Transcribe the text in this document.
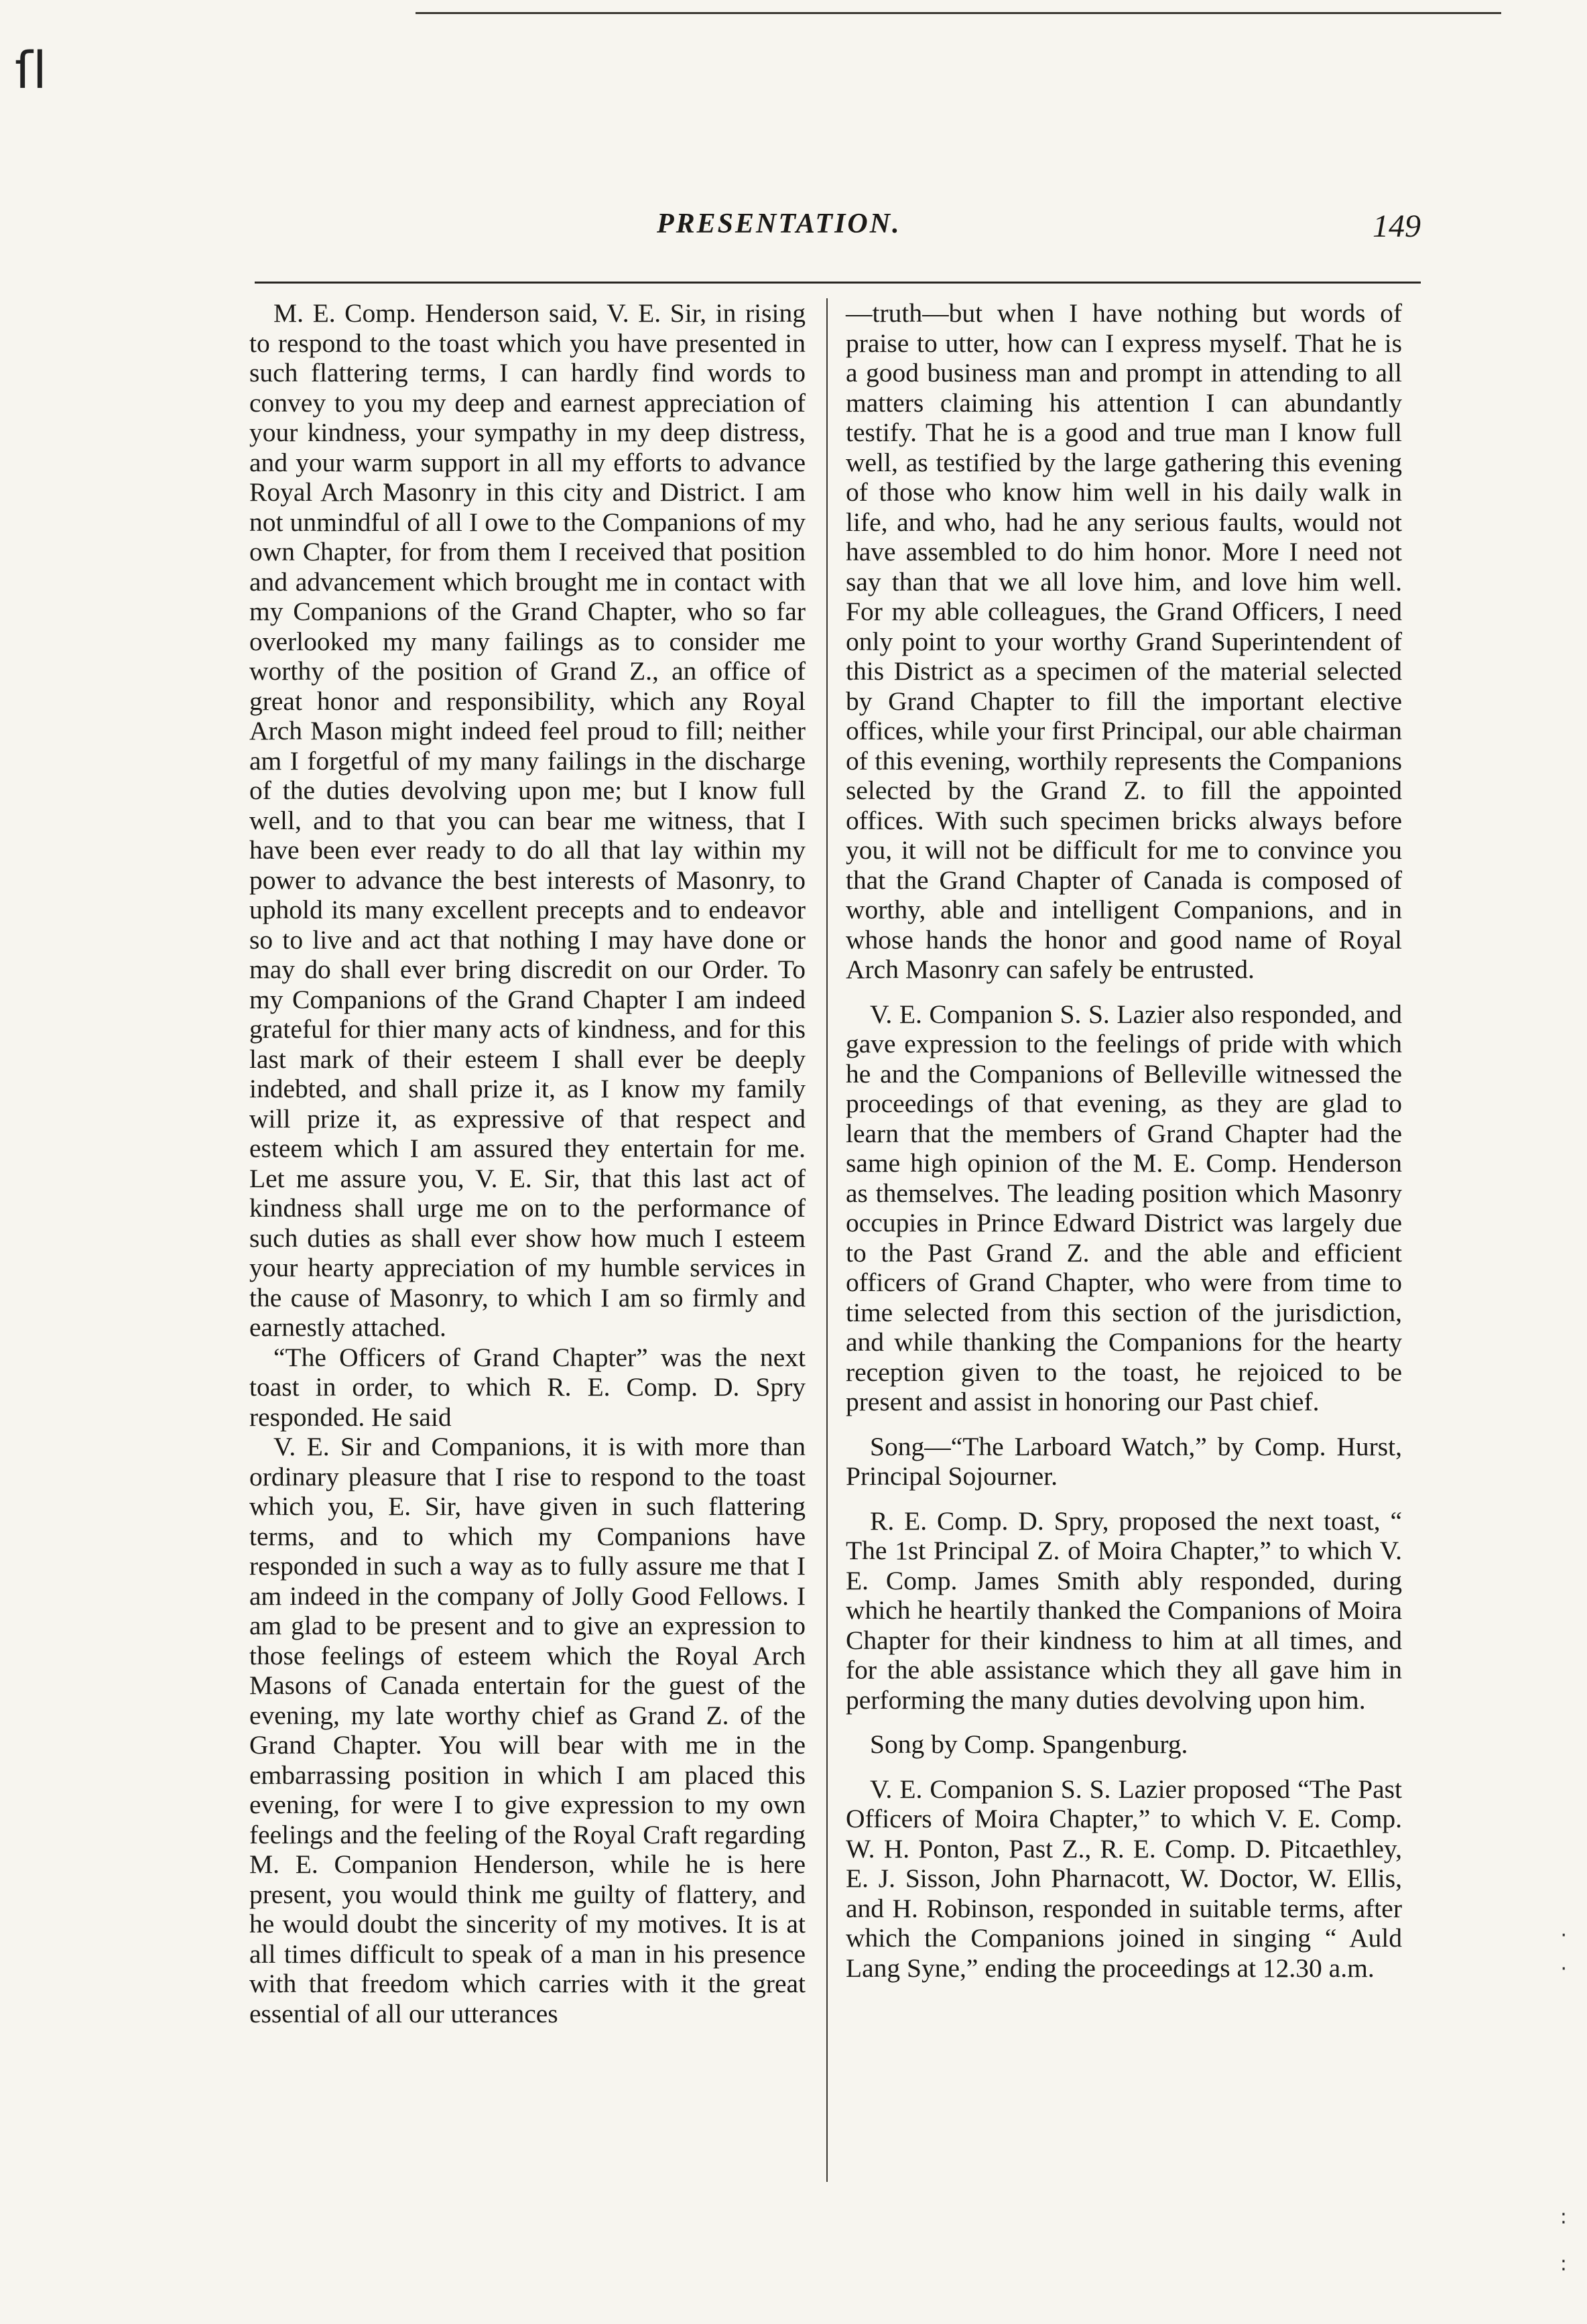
ſl
PRESENTATION.	149

M. E. Comp. Henderson said, V. E. Sir, in rising to respond to the toast which you have presented in such flattering terms, I can hardly find words to convey to you my deep and earnest appreciation of your kindness, your sympathy in my deep distress, and your warm support in all my efforts to advance Royal Arch Masonry in this city and District. I am not unmindful of all I owe to the Companions of my own Chapter, for from them I received that position and advancement which brought me in contact with my Companions of the Grand Chapter, who so far overlooked my many failings as to consider me worthy of the position of Grand Z., an office of great honor and responsibility, which any Royal Arch Mason might indeed feel proud to fill; neither am I forgetful of my many failings in the discharge of the duties devolving upon me; but I know full well, and to that you can bear me witness, that I have been ever ready to do all that lay within my power to advance the best interests of Masonry, to uphold its many excellent precepts and to endeavor so to live and act that nothing I may have done or may do shall ever bring discredit on our Order. To my Companions of the Grand Chapter I am indeed grateful for thier many acts of kindness, and for this last mark of their esteem I shall ever be deeply indebted, and shall prize it, as I know my family will prize it, as expressive of that respect and esteem which I am assured they entertain for me. Let me assure you, V. E. Sir, that this last act of kindness shall urge me on to the performance of such duties as shall ever show how much I esteem your hearty appreciation of my humble services in the cause of Masonry, to which I am so firmly and earnestly attached.

“The Officers of Grand Chapter” was the next toast in order, to which R. E. Comp. D. Spry responded. He said

V. E. Sir and Companions, it is with more than ordinary pleasure that I rise to respond to the toast which you, E. Sir, have given in such flattering terms, and to which my Companions have responded in such a way as to fully assure me that I am indeed in the company of Jolly Good Fellows. I am glad to be present and to give an expression to those feelings of esteem which the Royal Arch Masons of Canada entertain for the guest of the evening, my late worthy chief as Grand Z. of the Grand Chapter. You will bear with me in the embarrassing position in which I am placed this evening, for were I to give expression to my own feelings and the feeling of the Royal Craft regarding M. E. Companion Henderson, while he is here present, you would think me guilty of flattery, and he would doubt the sincerity of my motives. It is at all times difficult to speak of a man in his presence with that freedom which carries with it the great essential of all our utterances

—truth—but when I have nothing but words of praise to utter, how can I express myself. That he is a good business man and prompt in attending to all matters claiming his attention I can abundantly testify. That he is a good and true man I know full well, as testified by the large gathering this evening of those who know him well in his daily walk in life, and who, had he any serious faults, would not have assembled to do him honor. More I need not say than that we all love him, and love him well. For my able colleagues, the Grand Officers, I need only point to your worthy Grand Superintendent of this District as a specimen of the material selected by Grand Chapter to fill the important elective offices, while your first Principal, our able chairman of this evening, worthily represents the Companions selected by the Grand Z. to fill the appointed offices. With such specimen bricks always before you, it will not be difficult for me to convince you that the Grand Chapter of Canada is composed of worthy, able and intelligent Companions, and in whose hands the honor and good name of Royal Arch Masonry can safely be entrusted.

V. E. Companion S. S. Lazier also responded, and gave expression to the feelings of pride with which he and the Companions of Belleville witnessed the proceedings of that evening, as they are glad to learn that the members of Grand Chapter had the same high opinion of the M. E. Comp. Henderson as themselves. The leading position which Masonry occupies in Prince Edward District was largely due to the Past Grand Z. and the able and efficient officers of Grand Chapter, who were from time to time selected from this section of the jurisdiction, and while thanking the Companions for the hearty reception given to the toast, he rejoiced to be present and assist in honoring our Past chief.

Song—“The Larboard Watch,” by Comp. Hurst, Principal Sojourner.

R. E. Comp. D. Spry, proposed the next toast, “ The 1st Principal Z. of Moira Chapter,” to which V. E. Comp. James Smith ably responded, during which he heartily thanked the Companions of Moira Chapter for their kindness to him at all times, and for the able assistance which they all gave him in performing the many duties devolving upon him.

Song by Comp. Spangenburg.

V. E. Companion S. S. Lazier proposed “The Past Officers of Moira Chapter,” to which V. E. Comp. W. H. Ponton, Past Z., R. E. Comp. D. Pitcaethley, E. J. Sisson, John Pharnacott, W. Doctor, W. Ellis, and H. Robinson, responded in suitable terms, after which the Companions joined in singing “ Auld Lang Syne,” ending the proceedings at 12.30 a.m.

·
·
:
:
